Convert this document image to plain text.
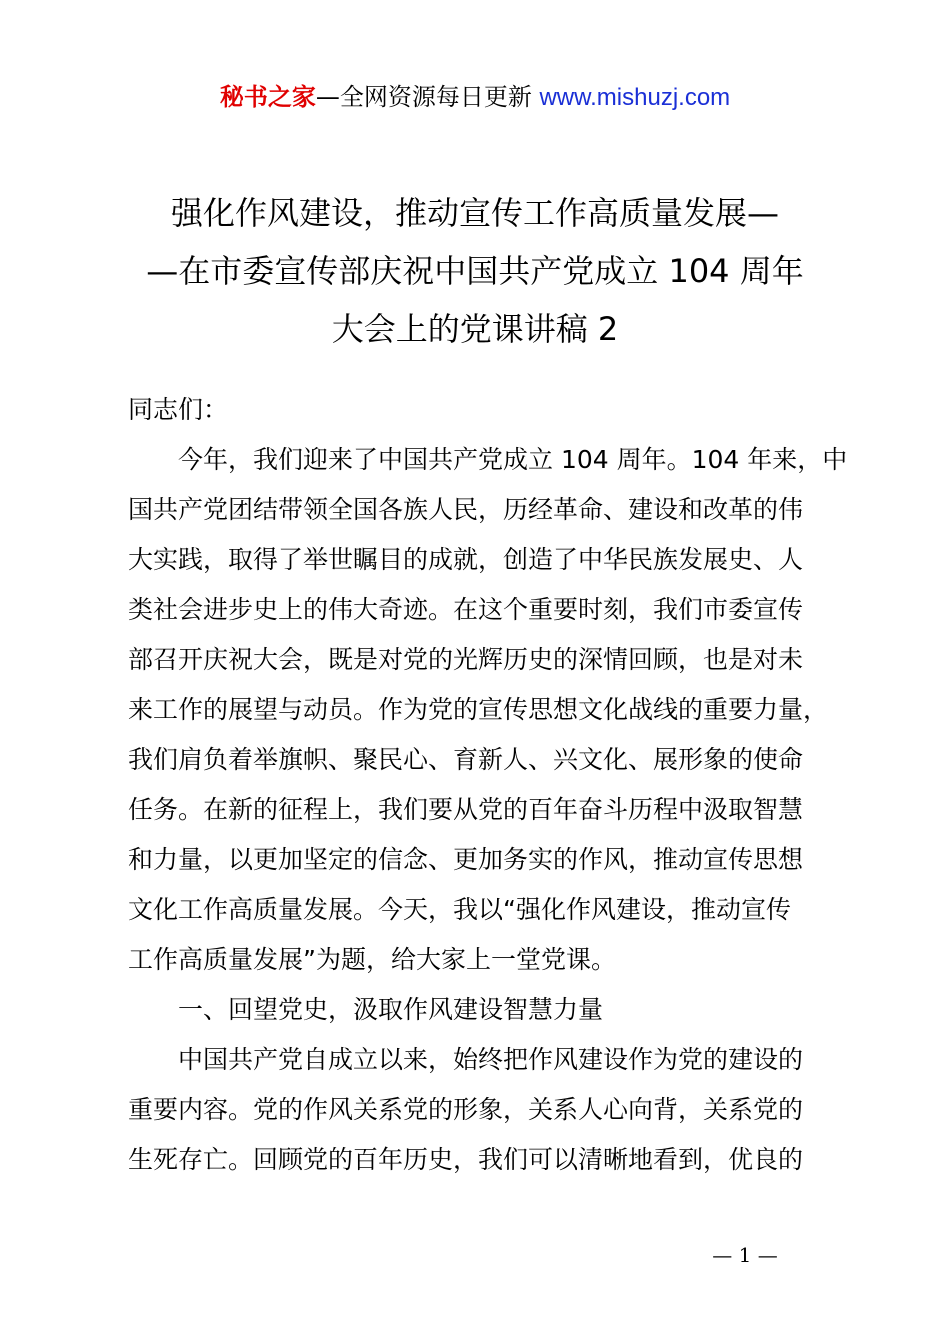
秘书之家—全网资源每日更新 www.mishuzj.com
强化作风建设，推动宣传工作高质量发展—
—在市委宣传部庆祝中国共产党成立 104 周年
大会上的党课讲稿 2
同志们：
今年，我们迎来了中国共产党成立 104 周年。104 年来，中
国共产党团结带领全国各族人民，历经革命、建设和改革的伟
大实践，取得了举世瞩目的成就，创造了中华民族发展史、人
类社会进步史上的伟大奇迹。在这个重要时刻，我们市委宣传
部召开庆祝大会，既是对党的光辉历史的深情回顾，也是对未
来工作的展望与动员。作为党的宣传思想文化战线的重要力量，
我们肩负着举旗帜、聚民心、育新人、兴文化、展形象的使命
任务。在新的征程上，我们要从党的百年奋斗历程中汲取智慧
和力量，以更加坚定的信念、更加务实的作风，推动宣传思想
文化工作高质量发展。今天，我以“强化作风建设，推动宣传
工作高质量发展”为题，给大家上一堂党课。
一、回望党史，汲取作风建设智慧力量
中国共产党自成立以来，始终把作风建设作为党的建设的
重要内容。党的作风关系党的形象，关系人心向背，关系党的
生死存亡。回顾党的百年历史，我们可以清晰地看到，优良的
— 1 —
